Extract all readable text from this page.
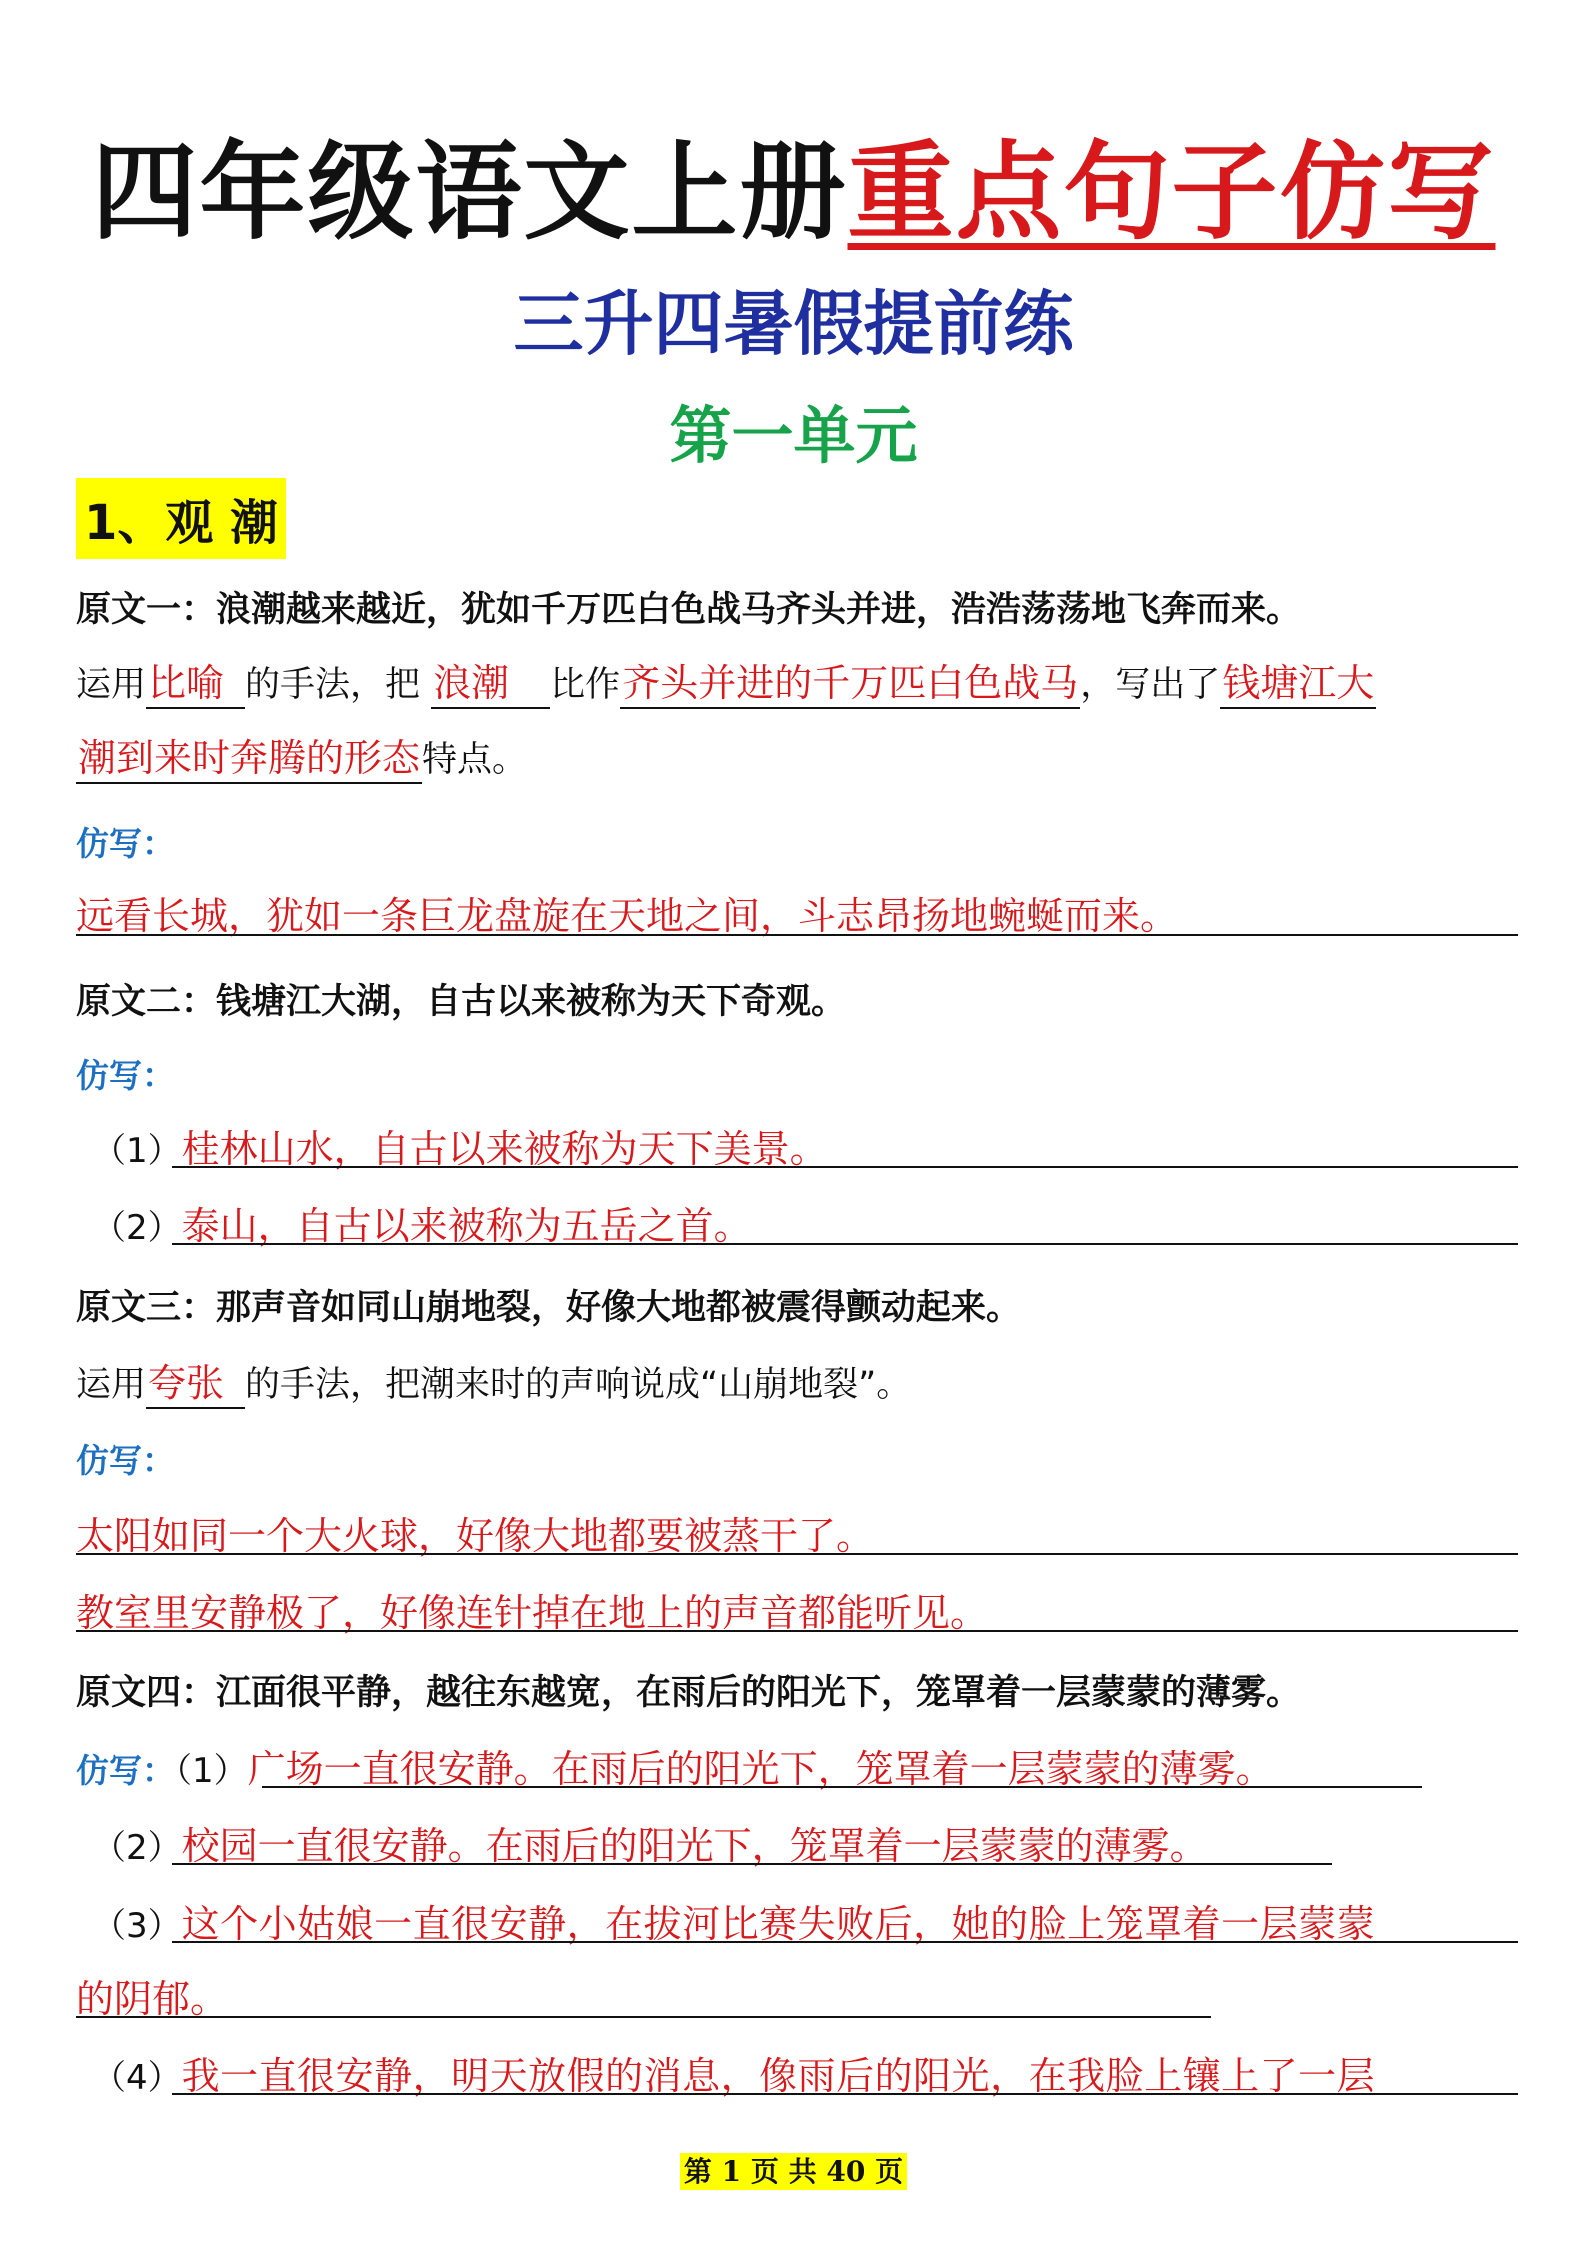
四年级语文上册重点句子仿写
三升四暑假提前练
第一单元
1、观 潮
原文一：浪潮越来越近，犹如千万匹白色战马齐头并进，浩浩荡荡地飞奔而来。
运用比喻 的手法，把 浪潮 比作齐头并进的千万匹白色战马，写出了钱塘江大
潮到来时奔腾的形态特点。
仿写：
远看长城，犹如一条巨龙盘旋在天地之间，斗志昂扬地蜿蜒而来。
原文二：钱塘江大湖，自古以来被称为天下奇观。
仿写：
（1）桂林山水，自古以来被称为天下美景。
（2）泰山，自古以来被称为五岳之首。
原文三：那声音如同山崩地裂，好像大地都被震得颤动起来。
运用夸张 的手法，把潮来时的声响说成“山崩地裂”。
仿写：
太阳如同一个大火球，好像大地都要被蒸干了。
教室里安静极了，好像连针掉在地上的声音都能听见。
原文四：江面很平静，越往东越宽，在雨后的阳光下，笼罩着一层蒙蒙的薄雾。
仿写：（1）广场一直很安静。在雨后的阳光下，笼罩着一层蒙蒙的薄雾。
（2）校园一直很安静。在雨后的阳光下，笼罩着一层蒙蒙的薄雾。
（3）这个小姑娘一直很安静，在拔河比赛失败后，她的脸上笼罩着一层蒙蒙
的阴郁。
（4）我一直很安静，明天放假的消息，像雨后的阳光，在我脸上镶上了一层
第 1 页 共 40 页
